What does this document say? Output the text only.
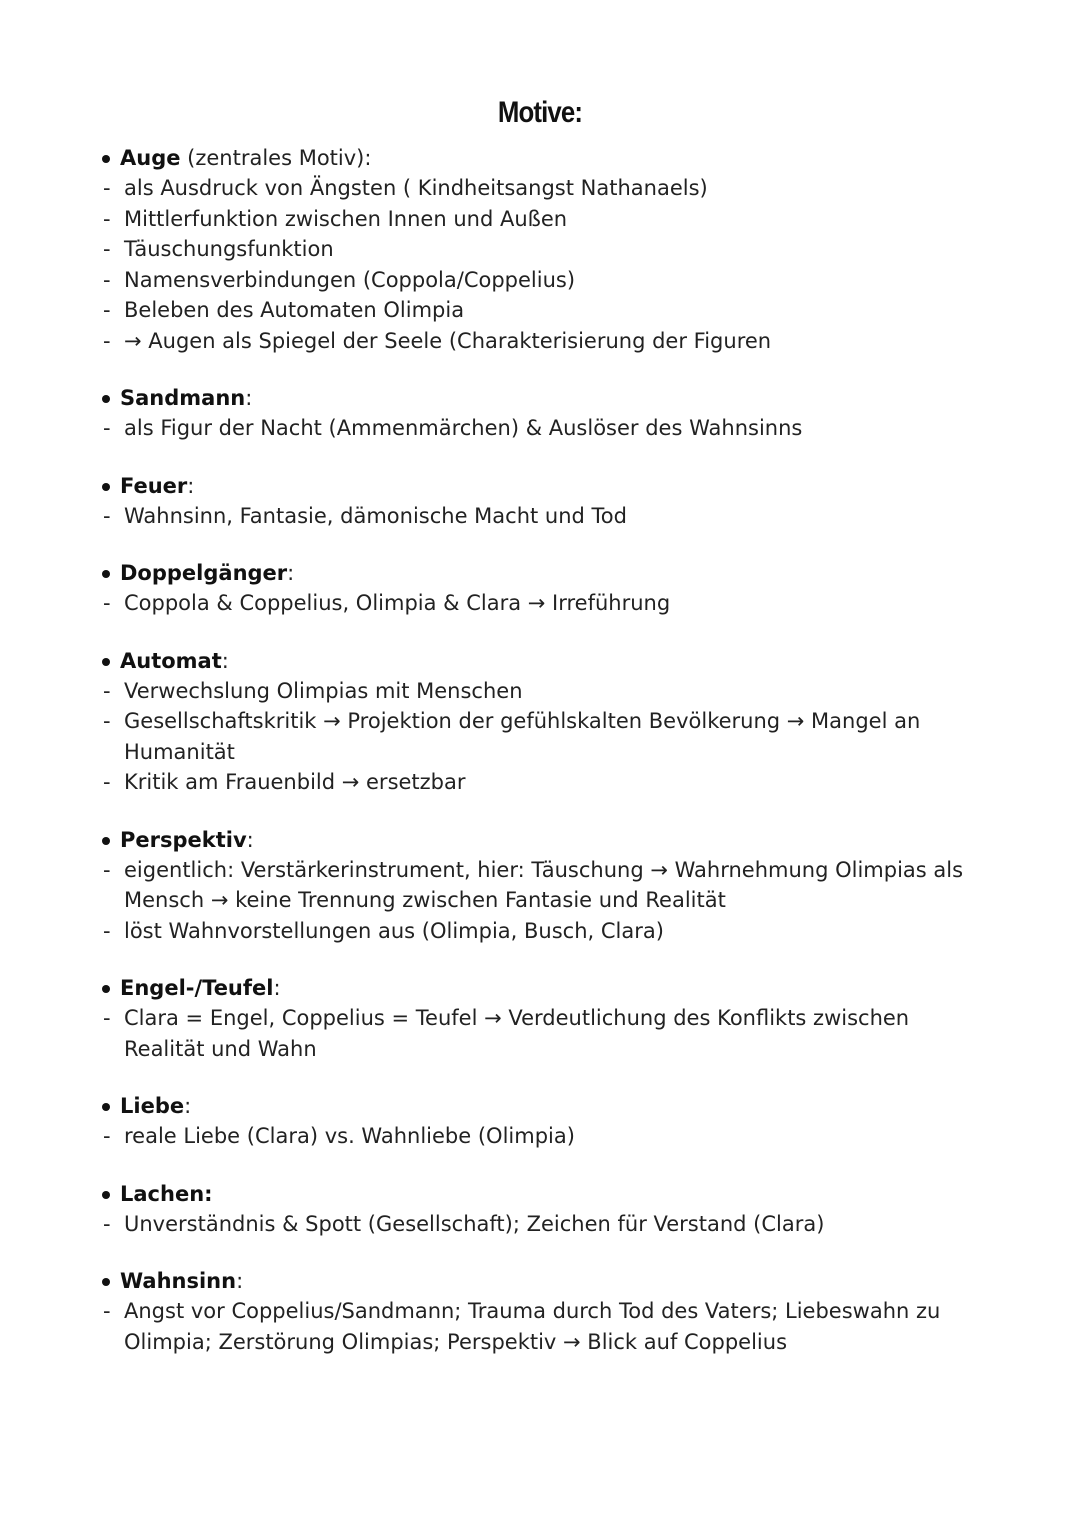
Motive:
Auge (zentrales Motiv):
- als Ausdruck von Ängsten ( Kindheitsangst Nathanaels)
- Mittlerfunktion zwischen Innen und Außen
- Täuschungsfunktion
- Namensverbindungen (Coppola/Coppelius)
- Beleben des Automaten Olimpia
- → Augen als Spiegel der Seele (Charakterisierung der Figuren
Sandmann:
- als Figur der Nacht (Ammenmärchen) & Auslöser des Wahnsinns
Feuer:
- Wahnsinn, Fantasie, dämonische Macht und Tod
Doppelgänger:
- Coppola & Coppelius, Olimpia & Clara → Irreführung
Automat:
- Verwechslung Olimpias mit Menschen
- Gesellschaftskritik → Projektion der gefühlskalten Bevölkerung → Mangel an Humanität
- Kritik am Frauenbild → ersetzbar
Perspektiv:
- eigentlich: Verstärkerinstrument, hier: Täuschung → Wahrnehmung Olimpias als Mensch → keine Trennung zwischen Fantasie und Realität
- löst Wahnvorstellungen aus (Olimpia, Busch, Clara)
Engel-/Teufel:
- Clara = Engel, Coppelius = Teufel → Verdeutlichung des Konflikts zwischen Realität und Wahn
Liebe:
- reale Liebe (Clara) vs. Wahnliebe (Olimpia)
Lachen:
- Unverständnis & Spott (Gesellschaft); Zeichen für Verstand (Clara)
Wahnsinn:
- Angst vor Coppelius/Sandmann; Trauma durch Tod des Vaters; Liebeswahn zu Olimpia; Zerstörung Olimpias; Perspektiv → Blick auf Coppelius
